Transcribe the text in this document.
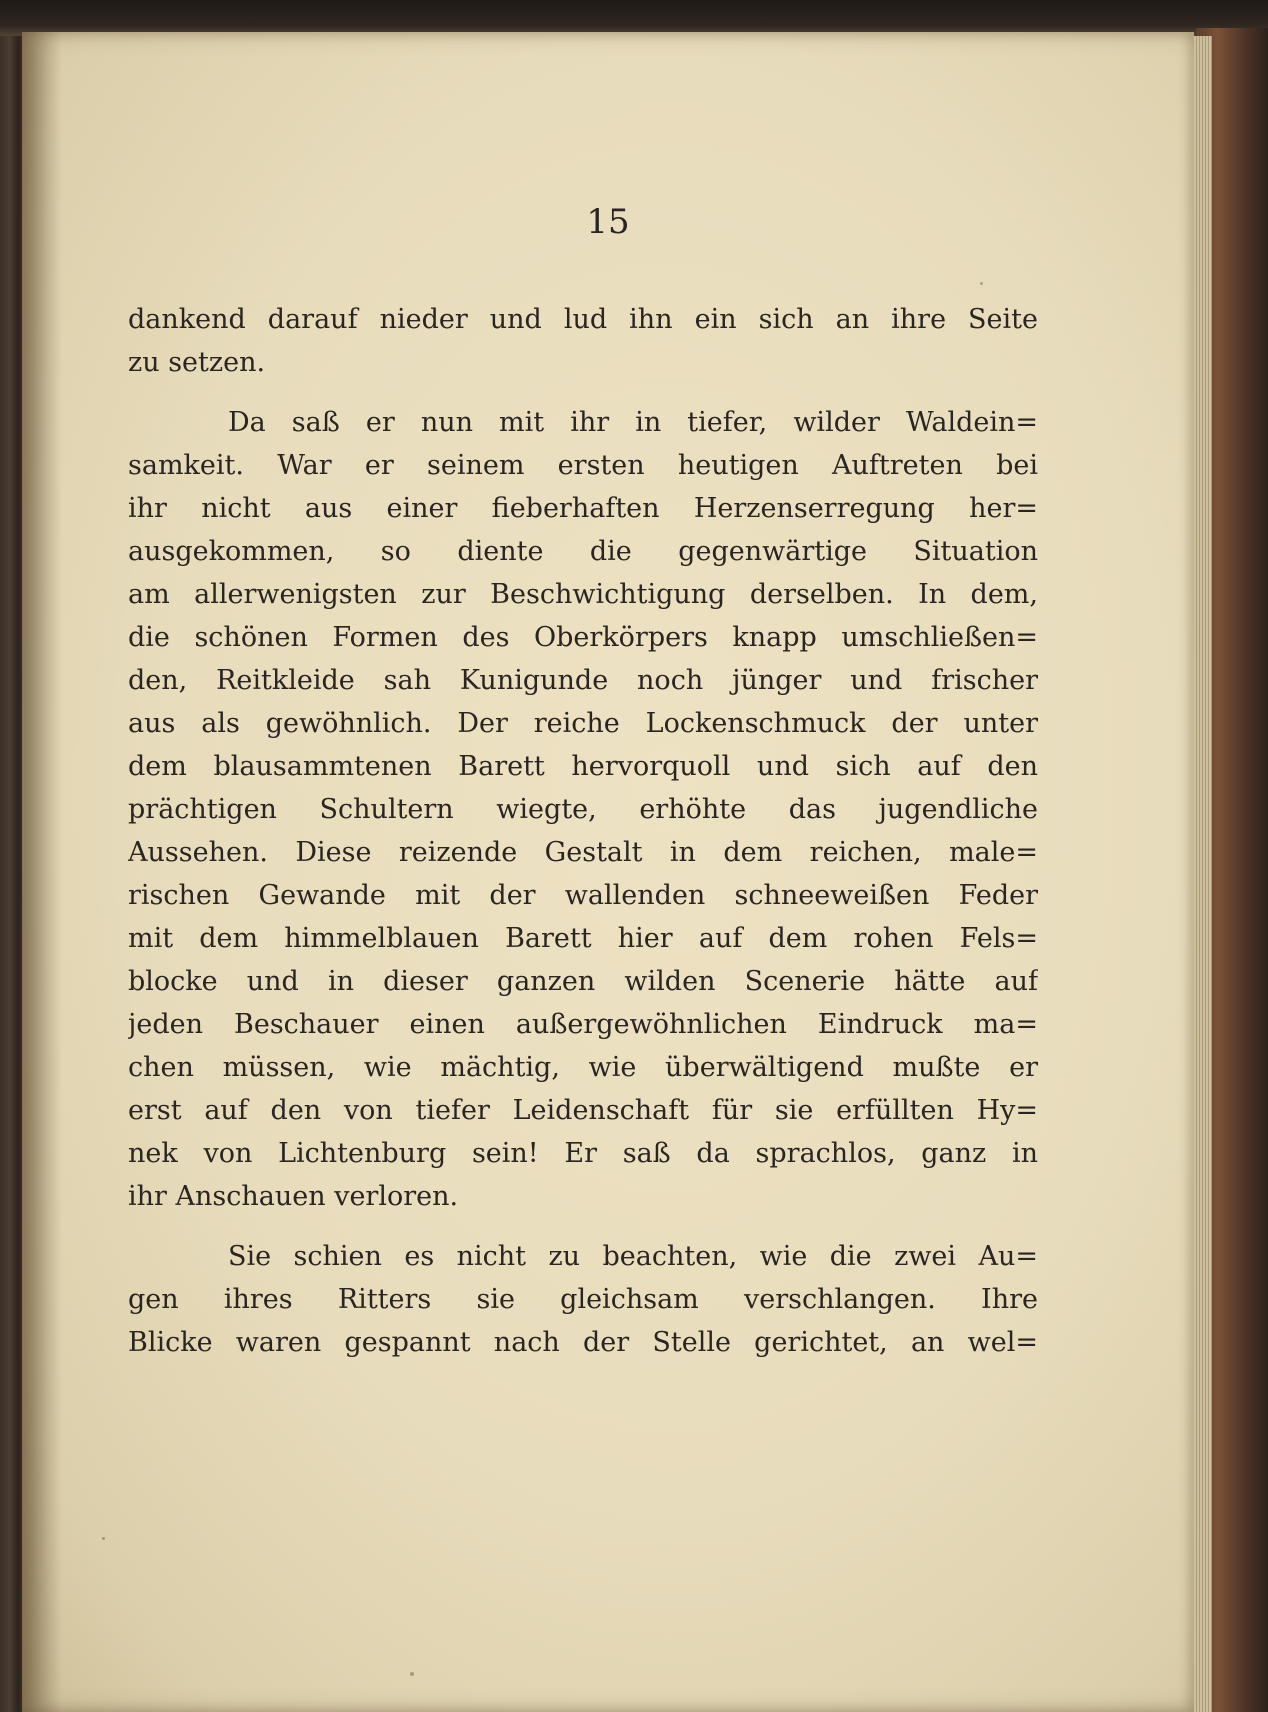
15
dankend darauf nieder und lud ihn ein sich an ihre Seite
zu setzen.
Da saß er nun mit ihr in tiefer, wilder Waldein=
samkeit. War er seinem ersten heutigen Auftreten bei
ihr nicht aus einer fieberhaften Herzenserregung her=
ausgekommen, so diente die gegenwärtige Situation
am allerwenigsten zur Beschwichtigung derselben. In dem,
die schönen Formen des Oberkörpers knapp umschließen=
den, Reitkleide sah Kunigunde noch jünger und frischer
aus als gewöhnlich. Der reiche Lockenschmuck der unter
dem blausammtenen Barett hervorquoll und sich auf den
prächtigen Schultern wiegte, erhöhte das jugendliche
Aussehen. Diese reizende Gestalt in dem reichen, male=
rischen Gewande mit der wallenden schneeweißen Feder
mit dem himmelblauen Barett hier auf dem rohen Fels=
blocke und in dieser ganzen wilden Scenerie hätte auf
jeden Beschauer einen außergewöhnlichen Eindruck ma=
chen müssen, wie mächtig, wie überwältigend mußte er
erst auf den von tiefer Leidenschaft für sie erfüllten Hy=
nek von Lichtenburg sein! Er saß da sprachlos, ganz in
ihr Anschauen verloren.
Sie schien es nicht zu beachten, wie die zwei Au=
gen ihres Ritters sie gleichsam verschlangen. Ihre
Blicke waren gespannt nach der Stelle gerichtet, an wel=
